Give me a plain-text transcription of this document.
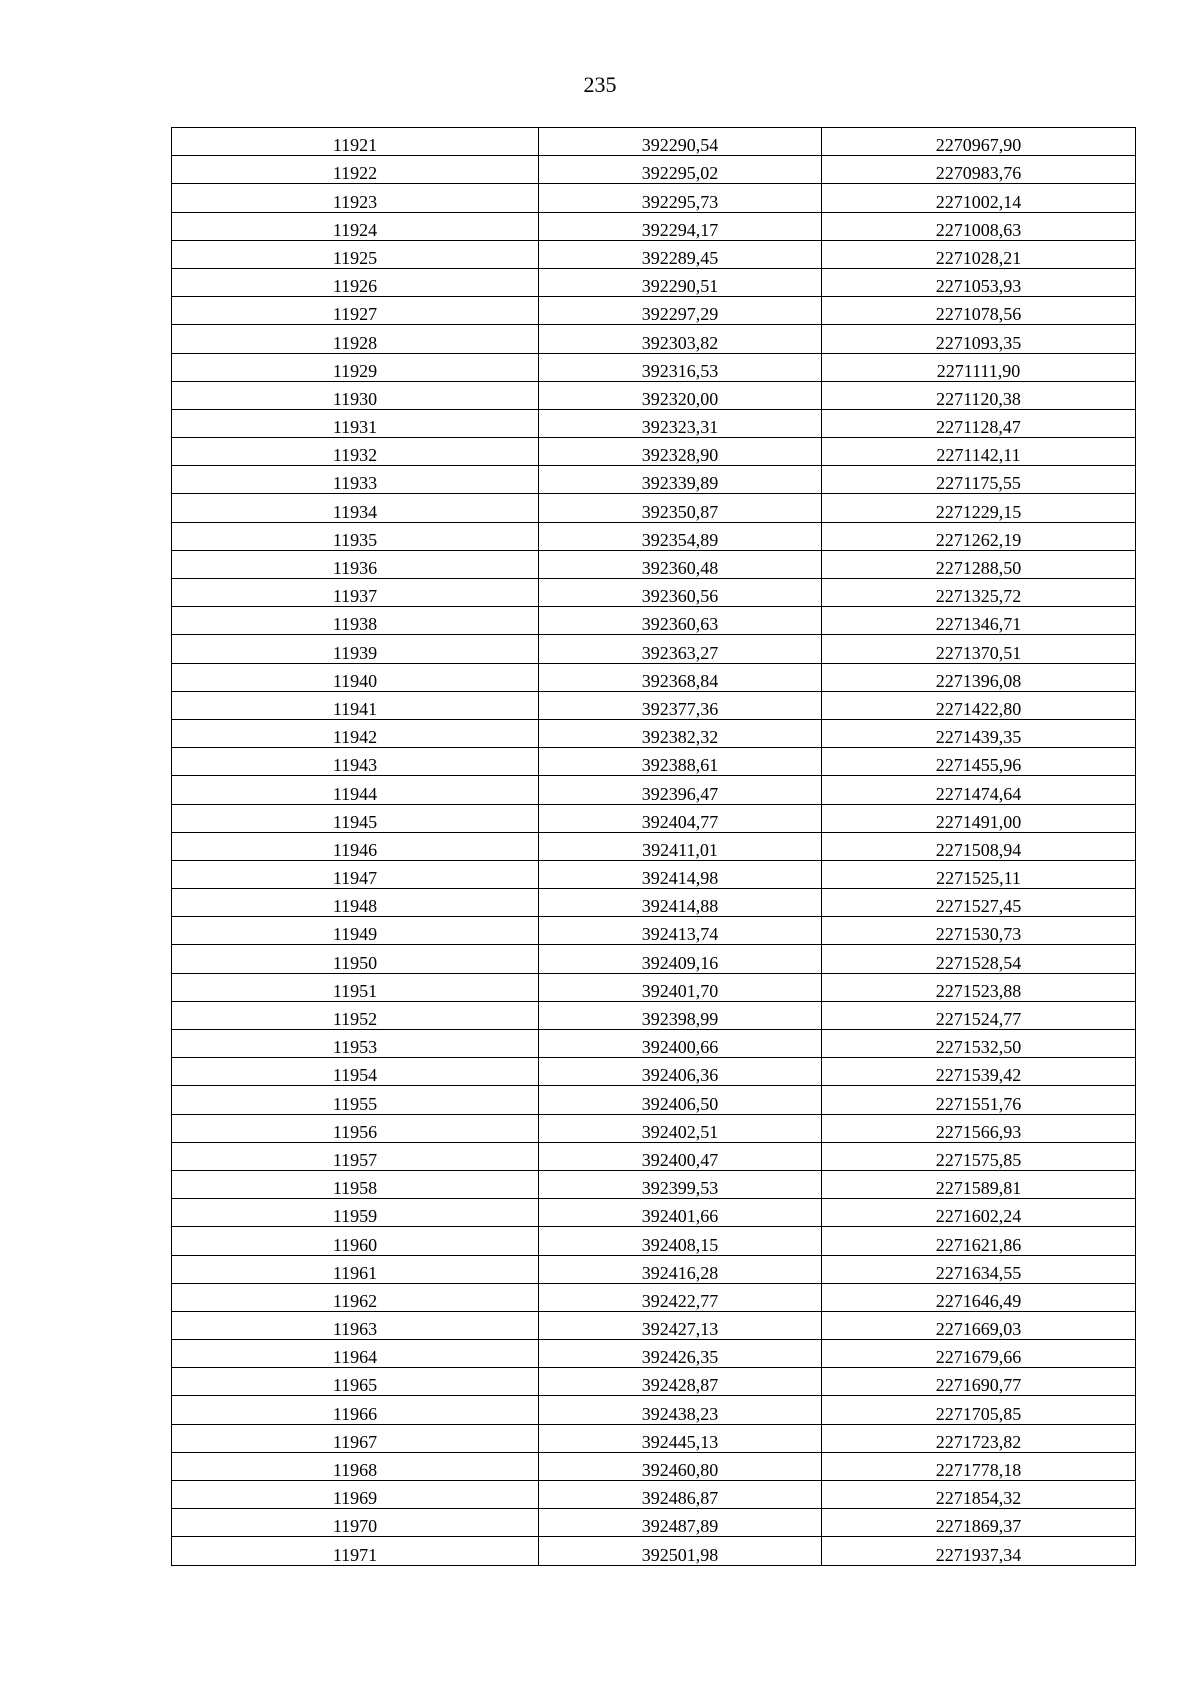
235
11921	392290,54	2270967,90
11922	392295,02	2270983,76
11923	392295,73	2271002,14
11924	392294,17	2271008,63
11925	392289,45	2271028,21
11926	392290,51	2271053,93
11927	392297,29	2271078,56
11928	392303,82	2271093,35
11929	392316,53	2271111,90
11930	392320,00	2271120,38
11931	392323,31	2271128,47
11932	392328,90	2271142,11
11933	392339,89	2271175,55
11934	392350,87	2271229,15
11935	392354,89	2271262,19
11936	392360,48	2271288,50
11937	392360,56	2271325,72
11938	392360,63	2271346,71
11939	392363,27	2271370,51
11940	392368,84	2271396,08
11941	392377,36	2271422,80
11942	392382,32	2271439,35
11943	392388,61	2271455,96
11944	392396,47	2271474,64
11945	392404,77	2271491,00
11946	392411,01	2271508,94
11947	392414,98	2271525,11
11948	392414,88	2271527,45
11949	392413,74	2271530,73
11950	392409,16	2271528,54
11951	392401,70	2271523,88
11952	392398,99	2271524,77
11953	392400,66	2271532,50
11954	392406,36	2271539,42
11955	392406,50	2271551,76
11956	392402,51	2271566,93
11957	392400,47	2271575,85
11958	392399,53	2271589,81
11959	392401,66	2271602,24
11960	392408,15	2271621,86
11961	392416,28	2271634,55
11962	392422,77	2271646,49
11963	392427,13	2271669,03
11964	392426,35	2271679,66
11965	392428,87	2271690,77
11966	392438,23	2271705,85
11967	392445,13	2271723,82
11968	392460,80	2271778,18
11969	392486,87	2271854,32
11970	392487,89	2271869,37
11971	392501,98	2271937,34
